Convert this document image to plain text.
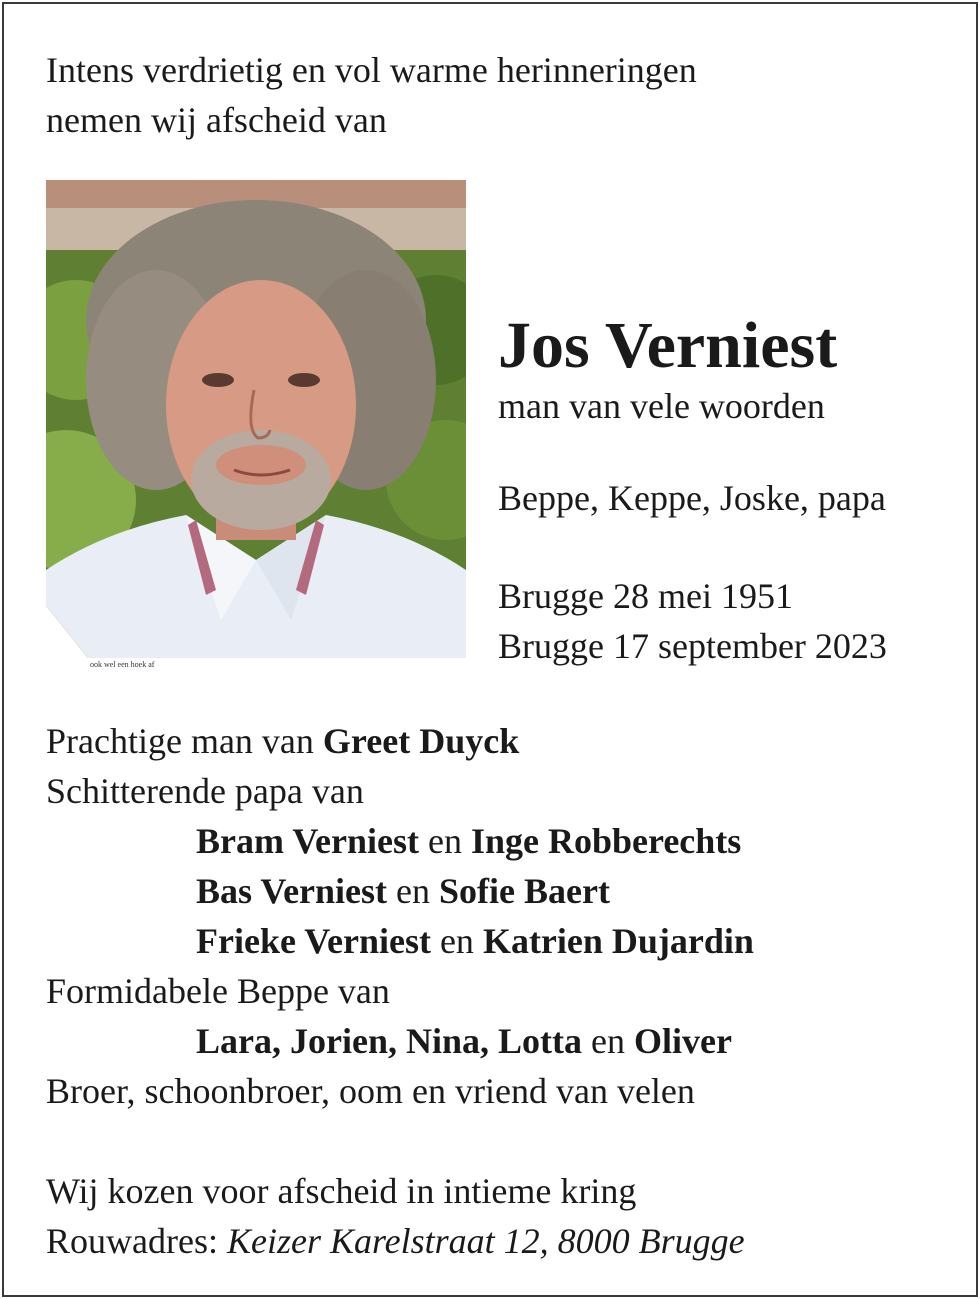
Intens verdrietig en vol warme herinneringen
nemen wij afscheid van
ook wel een hoek af
Jos Verniest
man van vele woorden
Beppe, Keppe, Joske, papa
Brugge 28 mei 1951
Brugge 17 september 2023
Prachtige man van Greet Duyck
Schitterende papa van
Bram Verniest en Inge Robberechts
Bas Verniest en Sofie Baert
Frieke Verniest en Katrien Dujardin
Formidabele Beppe van
Lara, Jorien, Nina, Lotta en Oliver
Broer, schoonbroer, oom en vriend van velen
Wij kozen voor afscheid in intieme kring
Rouwadres: Keizer Karelstraat 12, 8000 Brugge
